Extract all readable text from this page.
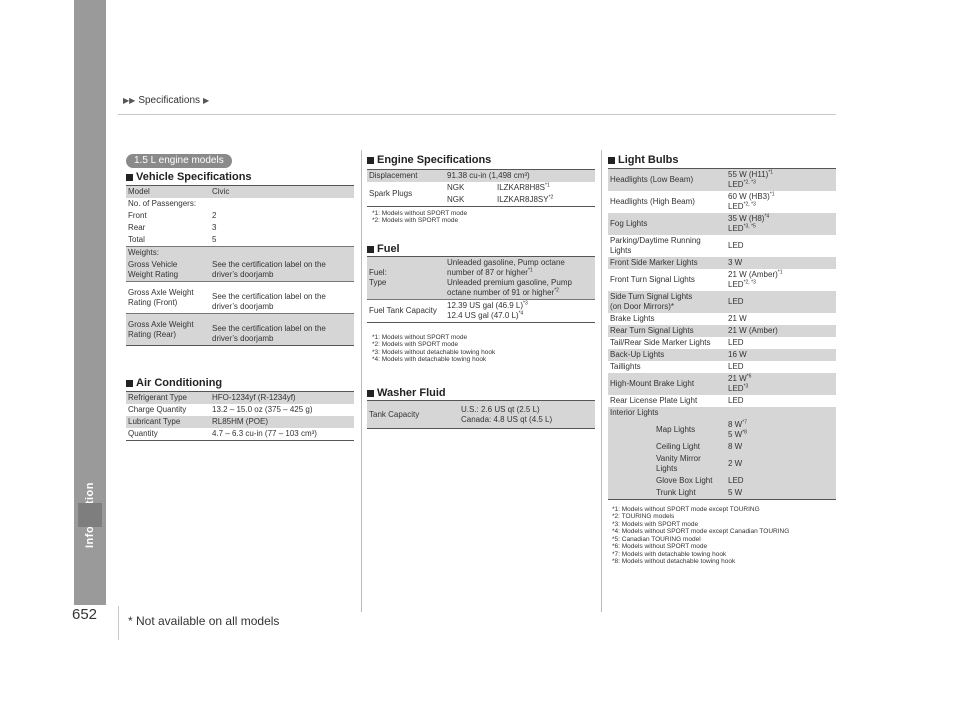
▶▶ Specifications ▶
652	* Not available on all models
1.5 L engine models
Vehicle Specifications
Model	Civic
No. of Passengers:	
Front	2
Rear	3
Total	5
Weights:	
Gross Vehicle
Weight Rating	See the certification label on the driver’s doorjamb
Gross Axle Weight
Rating (Front)	See the certification label on the driver’s doorjamb
Gross Axle Weight
Rating (Rear)	See the certification label on the driver’s doorjamb
Air Conditioning
Refrigerant Type	HFO-1234yf (R-1234yf)
Charge Quantity	13.2 – 15.0 oz (375 – 425 g)
Lubricant Type	RL85HM (POE)
Quantity	4.7 – 6.3 cu-in (77 – 103 cm³)
Engine Specifications
Displacement	91.38 cu-in (1,498 cm³)	
Spark Plugs	NGK	$ILZKAR8H8S^{*1}$
	NGK	ILZKAR8J8SY$^{*2}$
*1: Models without SPORT mode
*2: Models with SPORT mode
Fuel
Fuel:
Type	Unleaded gasoline, Pump octane number of 87 or higher$^{*1}$
Unleaded premium gasoline, Pump octane number of 91 or higher$^{*2}$
Fuel Tank Capacity	12.39 US gal (46.9 L)$^{*3}$
12.4 US gal (47.0 L)$^{*4}$
*1: Models without SPORT mode
*2: Models with SPORT mode
*3: Models without detachable towing hook
*4: Models with detachable towing hook
Washer Fluid
Tank Capacity	U.S.: 2.6 US qt (2.5 L)
Canada: 4.8 US qt (4.5 L)
Light Bulbs
Headlights (Low Beam)	55 W $(H11)^{*1}$
$LED^{*2, *3}$
Headlights (High Beam)	60 W $(HB3)^{*1}$
$LED^{*2, *3}$
Fog Lights	35 W $(H8)^{*4}$
$LED^{*3, *5}$
Parking/Daytime Running Lights	LED
Front Side Marker Lights	3 W
Front Turn Signal Lights	21 W (Amber)$^{*1}$
$LED^{*2, *3}$
Side Turn Signal Lights
(on Door Mirrors)*	LED
Brake Lights	21 W
Rear Turn Signal Lights	21 W (Amber)
Tail/Rear Side Marker Lights	LED
Back-Up Lights	16 W
Taillights	LED
High-Mount Brake Light	21 $W^{*6}$
LED$^{*3}$
Rear License Plate Light	LED
Interior Lights	
Map Lights	8 $W^{*7}$
5 $W^{*8}$
Ceiling Light	8 W
Vanity Mirror Lights	2 W
Glove Box Light	LED
Trunk Light	5 W
*1: Models without SPORT mode except TOURING
*2: TOURING models
*3: Models with SPORT mode
*4: Models without SPORT mode except Canadian TOURING
*5: Canadian TOURING model
*6: Models without SPORT mode
*7: Models with detachable towing hook
*8: Models without detachable towing hook
